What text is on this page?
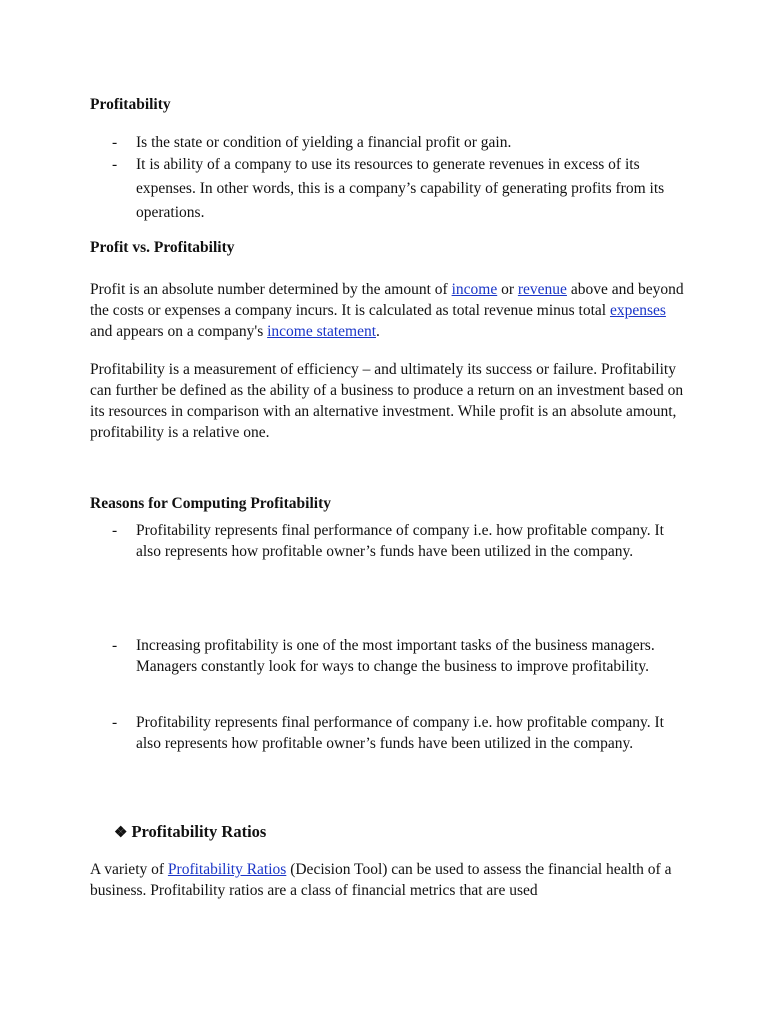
Profitability
- Is the state or condition of yielding a financial profit or gain.
- It is ability of a company to use its resources to generate revenues in excess of its expenses. In other words, this is a company’s capability of generating profits from its operations.
Profit vs. Profitability

Profit is an absolute number determined by the amount of income or revenue above and beyond the costs or expenses a company incurs. It is calculated as total revenue minus total expenses and appears on a company's income statement.

Profitability is a measurement of efficiency – and ultimately its success or failure. Profitability can further be defined as the ability of a business to produce a return on an investment based on its resources in comparison with an alternative investment. While profit is an absolute amount, profitability is a relative one.

Reasons for Computing Profitability
- Profitability represents final performance of company i.e. how profitable company. It also represents how profitable owner’s funds have been utilized in the company.
- Increasing profitability is one of the most important tasks of the business managers. Managers constantly look for ways to change the business to improve profitability.
- Profitability represents final performance of company i.e. how profitable company. It also represents how profitable owner’s funds have been utilized in the company.
❖ Profitability Ratios

A variety of Profitability Ratios (Decision Tool) can be used to assess the financial health of a business. Profitability ratios are a class of financial metrics that are used
